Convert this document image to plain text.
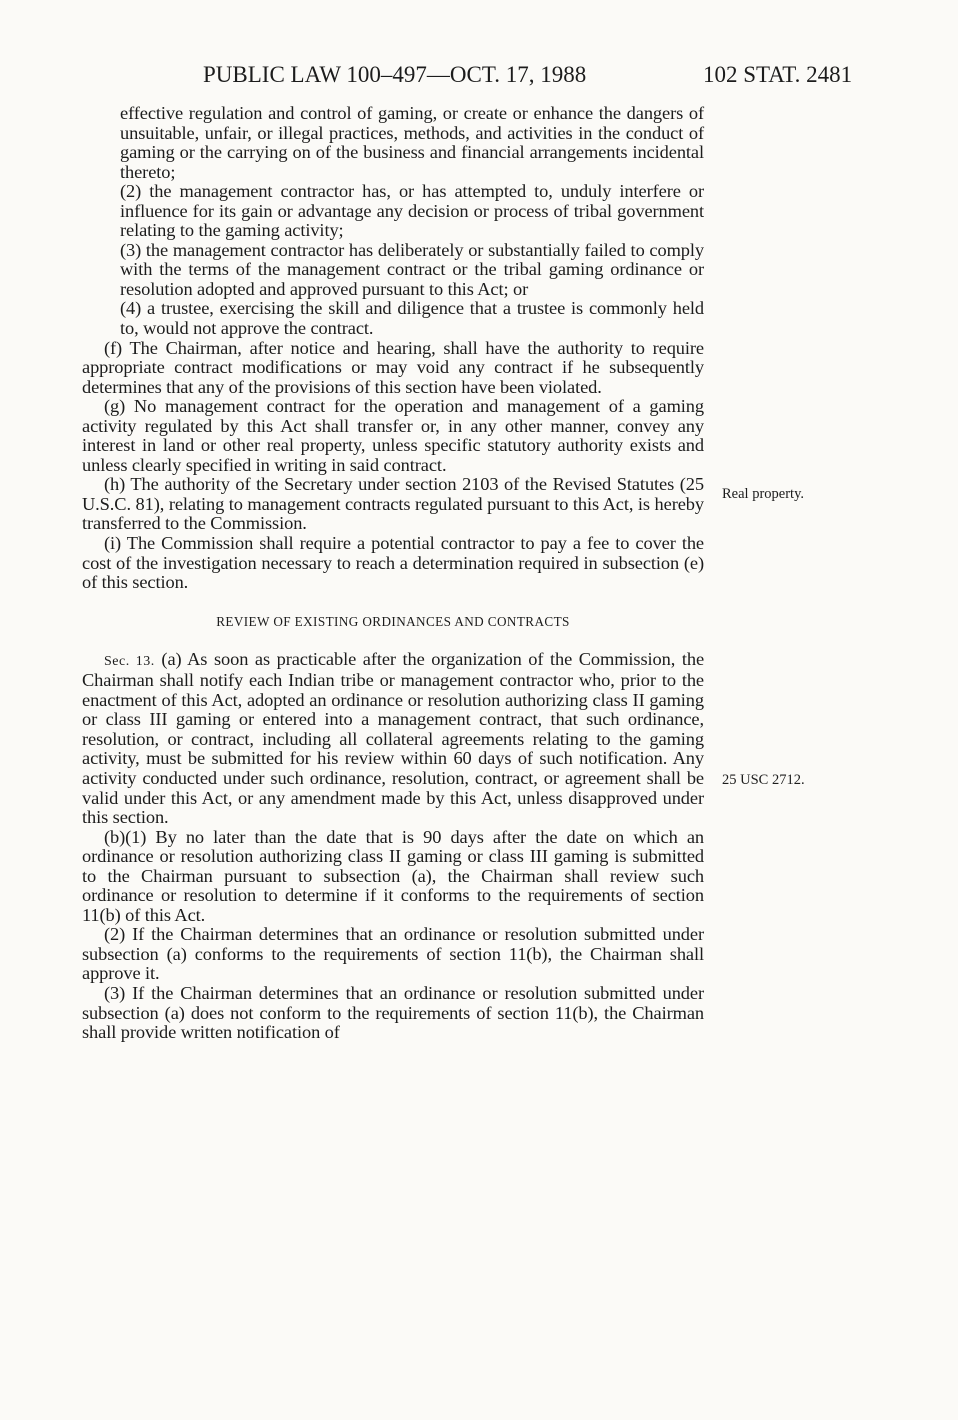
PUBLIC LAW 100–497—OCT. 17, 1988	102 STAT. 2481
Real property.
25 USC 2712.

effective regulation and control of gaming, or create or enhance the dangers of unsuitable, unfair, or illegal practices, methods, and activities in the conduct of gaming or the carrying on of the business and financial arrangements incidental thereto;

(2) the management contractor has, or has attempted to, unduly interfere or influence for its gain or advantage any decision or process of tribal government relating to the gaming activity;

(3) the management contractor has deliberately or substantially failed to comply with the terms of the management contract or the tribal gaming ordinance or resolution adopted and approved pursuant to this Act; or

(4) a trustee, exercising the skill and diligence that a trustee is commonly held to, would not approve the contract.

(f) The Chairman, after notice and hearing, shall have the authority to require appropriate contract modifications or may void any contract if he subsequently determines that any of the provisions of this section have been violated.

(g) No management contract for the operation and management of a gaming activity regulated by this Act shall transfer or, in any other manner, convey any interest in land or other real property, unless specific statutory authority exists and unless clearly specified in writing in said contract.

(h) The authority of the Secretary under section 2103 of the Revised Statutes (25 U.S.C. 81), relating to management contracts regulated pursuant to this Act, is hereby transferred to the Commission.

(i) The Commission shall require a potential contractor to pay a fee to cover the cost of the investigation necessary to reach a determination required in subsection (e) of this section.

REVIEW OF EXISTING ORDINANCES AND CONTRACTS

Sec. 13. (a) As soon as practicable after the organization of the Commission, the Chairman shall notify each Indian tribe or management contractor who, prior to the enactment of this Act, adopted an ordinance or resolution authorizing class II gaming or class III gaming or entered into a management contract, that such ordinance, resolution, or contract, including all collateral agreements relating to the gaming activity, must be submitted for his review within 60 days of such notification. Any activity conducted under such ordinance, resolution, contract, or agreement shall be valid under this Act, or any amendment made by this Act, unless disapproved under this section.

(b)(1) By no later than the date that is 90 days after the date on which an ordinance or resolution authorizing class II gaming or class III gaming is submitted to the Chairman pursuant to subsection (a), the Chairman shall review such ordinance or resolution to determine if it conforms to the requirements of section 11(b) of this Act.

(2) If the Chairman determines that an ordinance or resolution submitted under subsection (a) conforms to the requirements of section 11(b), the Chairman shall approve it.

(3) If the Chairman determines that an ordinance or resolution submitted under subsection (a) does not conform to the requirements of section 11(b), the Chairman shall provide written notification of
